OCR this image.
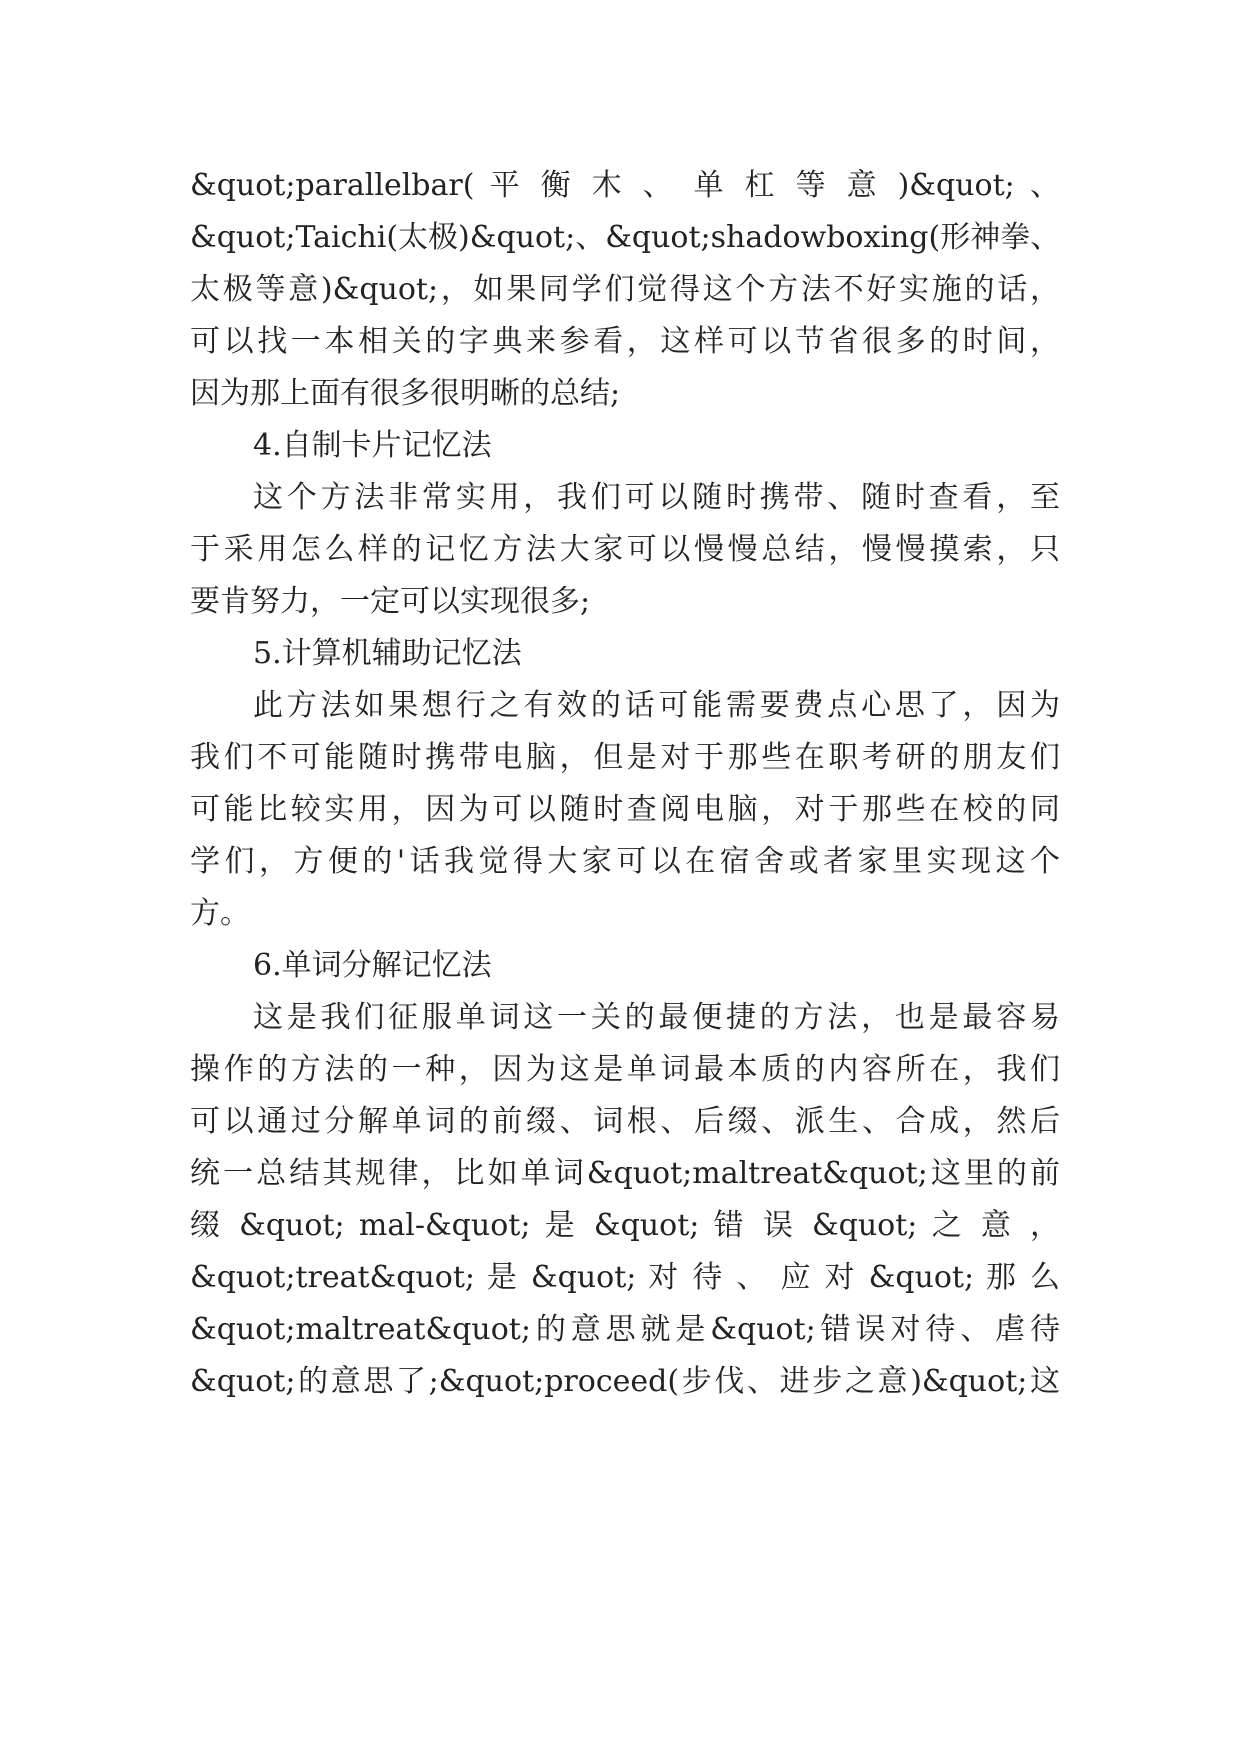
&quot;parallelbar( 平 衡 木 、 单 杠 等 意 )&quot; 、
&quot;Taichi(太极)&quot;、&quot;shadowboxing(形神拳、
太极等意)&quot;，如果同学们觉得这个方法不好实施的话，
可以找一本相关的字典来参看，这样可以节省很多的时间，
因为那上面有很多很明晰的总结;
4.自制卡片记忆法
这个方法非常实用，我们可以随时携带、随时查看，至
于采用怎么样的记忆方法大家可以慢慢总结，慢慢摸索，只
要肯努力，一定可以实现很多;
5.计算机辅助记忆法
此方法如果想行之有效的话可能需要费点心思了，因为
我们不可能随时携带电脑，但是对于那些在职考研的朋友们
可能比较实用，因为可以随时查阅电脑，对于那些在校的同
学们，方便的'话我觉得大家可以在宿舍或者家里实现这个
方。
6.单词分解记忆法
这是我们征服单词这一关的最便捷的方法，也是最容易
操作的方法的一种，因为这是单词最本质的内容所在，我们
可以通过分解单词的前缀、词根、后缀、派生、合成，然后
统一总结其规律，比如单词&quot;maltreat&quot;这里的前
缀 &quot; mal-&quot; 是 &quot; 错 误 &quot; 之 意 ，
&quot;treat&quot; 是 &quot; 对 待 、 应 对 &quot; 那 么
&quot;maltreat&quot;的意思就是&quot;错误对待、虐待
&quot;的意思了;&quot;proceed(步伐、进步之意)&quot;这
